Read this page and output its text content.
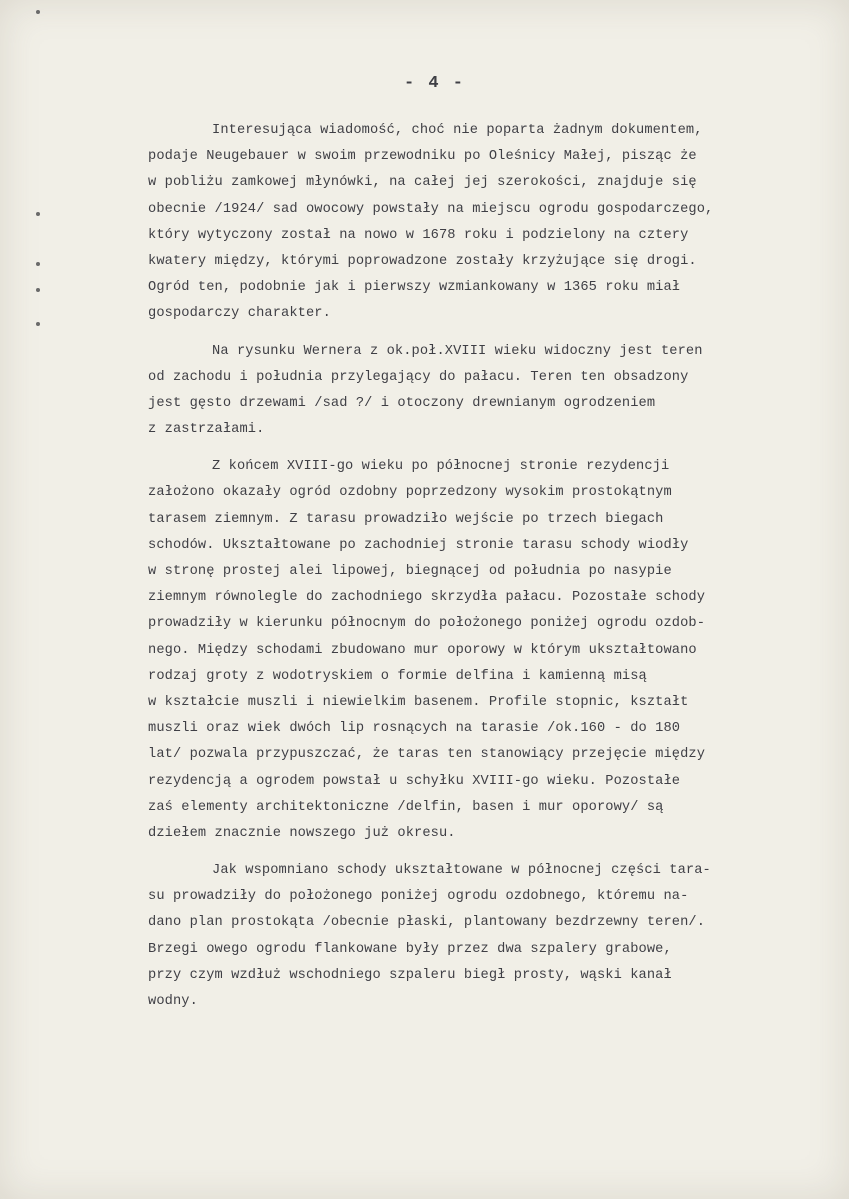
- 4 -
Interesująca wiadomość, choć nie poparta żadnym dokumentem,
podaje Neugebauer w swoim przewodniku po Oleśnicy Małej, pisząc że
w pobliżu zamkowej młynówki, na całej jej szerokości, znajduje się
obecnie /1924/ sad owocowy powstały na miejscu ogrodu gospodarczego,
który wytyczony został na nowo w 1678 roku i podzielony na cztery
kwatery między, którymi poprowadzone zostały krzyżujące się drogi.
Ogród ten, podobnie jak i pierwszy wzmiankowany w 1365 roku miał
gospodarczy charakter.
Na rysunku Wernera z ok.poł.XVIII wieku widoczny jest teren
od zachodu i południa przylegający do pałacu. Teren ten obsadzony
jest gęsto drzewami /sad ?/ i otoczony drewnianym ogrodzeniem
z zastrzałami.
Z końcem XVIII-go wieku po północnej stronie rezydencji
założono okazały ogród ozdobny poprzedzony wysokim prostokątnym
tarasem ziemnym. Z tarasu prowadziło wejście po trzech biegach
schodów. Ukształtowane po zachodniej stronie tarasu schody wiodły
w stronę prostej alei lipowej, biegnącej od południa po nasypie
ziemnym równolegle do zachodniego skrzydła pałacu. Pozostałe schody
prowadziły w kierunku północnym do położonego poniżej ogrodu ozdob-
nego. Między schodami zbudowano mur oporowy w którym ukształtowano
rodzaj groty z wodotryskiem o formie delfina i kamienną misą
w kształcie muszli i niewielkim basenem. Profile stopnic, kształt
muszli oraz wiek dwóch lip rosnących na tarasie /ok.160 - do 180
lat/ pozwala przypuszczać, że taras ten stanowiący przejęcie między
rezydencją a ogrodem powstał u schyłku XVIII-go wieku. Pozostałe
zaś elementy architektoniczne /delfin, basen i mur oporowy/ są
dziełem znacznie nowszego już okresu.
Jak wspomniano schody ukształtowane w północnej części tara-
su prowadziły do położonego poniżej ogrodu ozdobnego, któremu na-
dano plan prostokąta /obecnie płaski, plantowany bezdrzewny teren/.
Brzegi owego ogrodu flankowane były przez dwa szpalery grabowe,
przy czym wzdłuż wschodniego szpaleru biegł prosty, wąski kanał
wodny.
